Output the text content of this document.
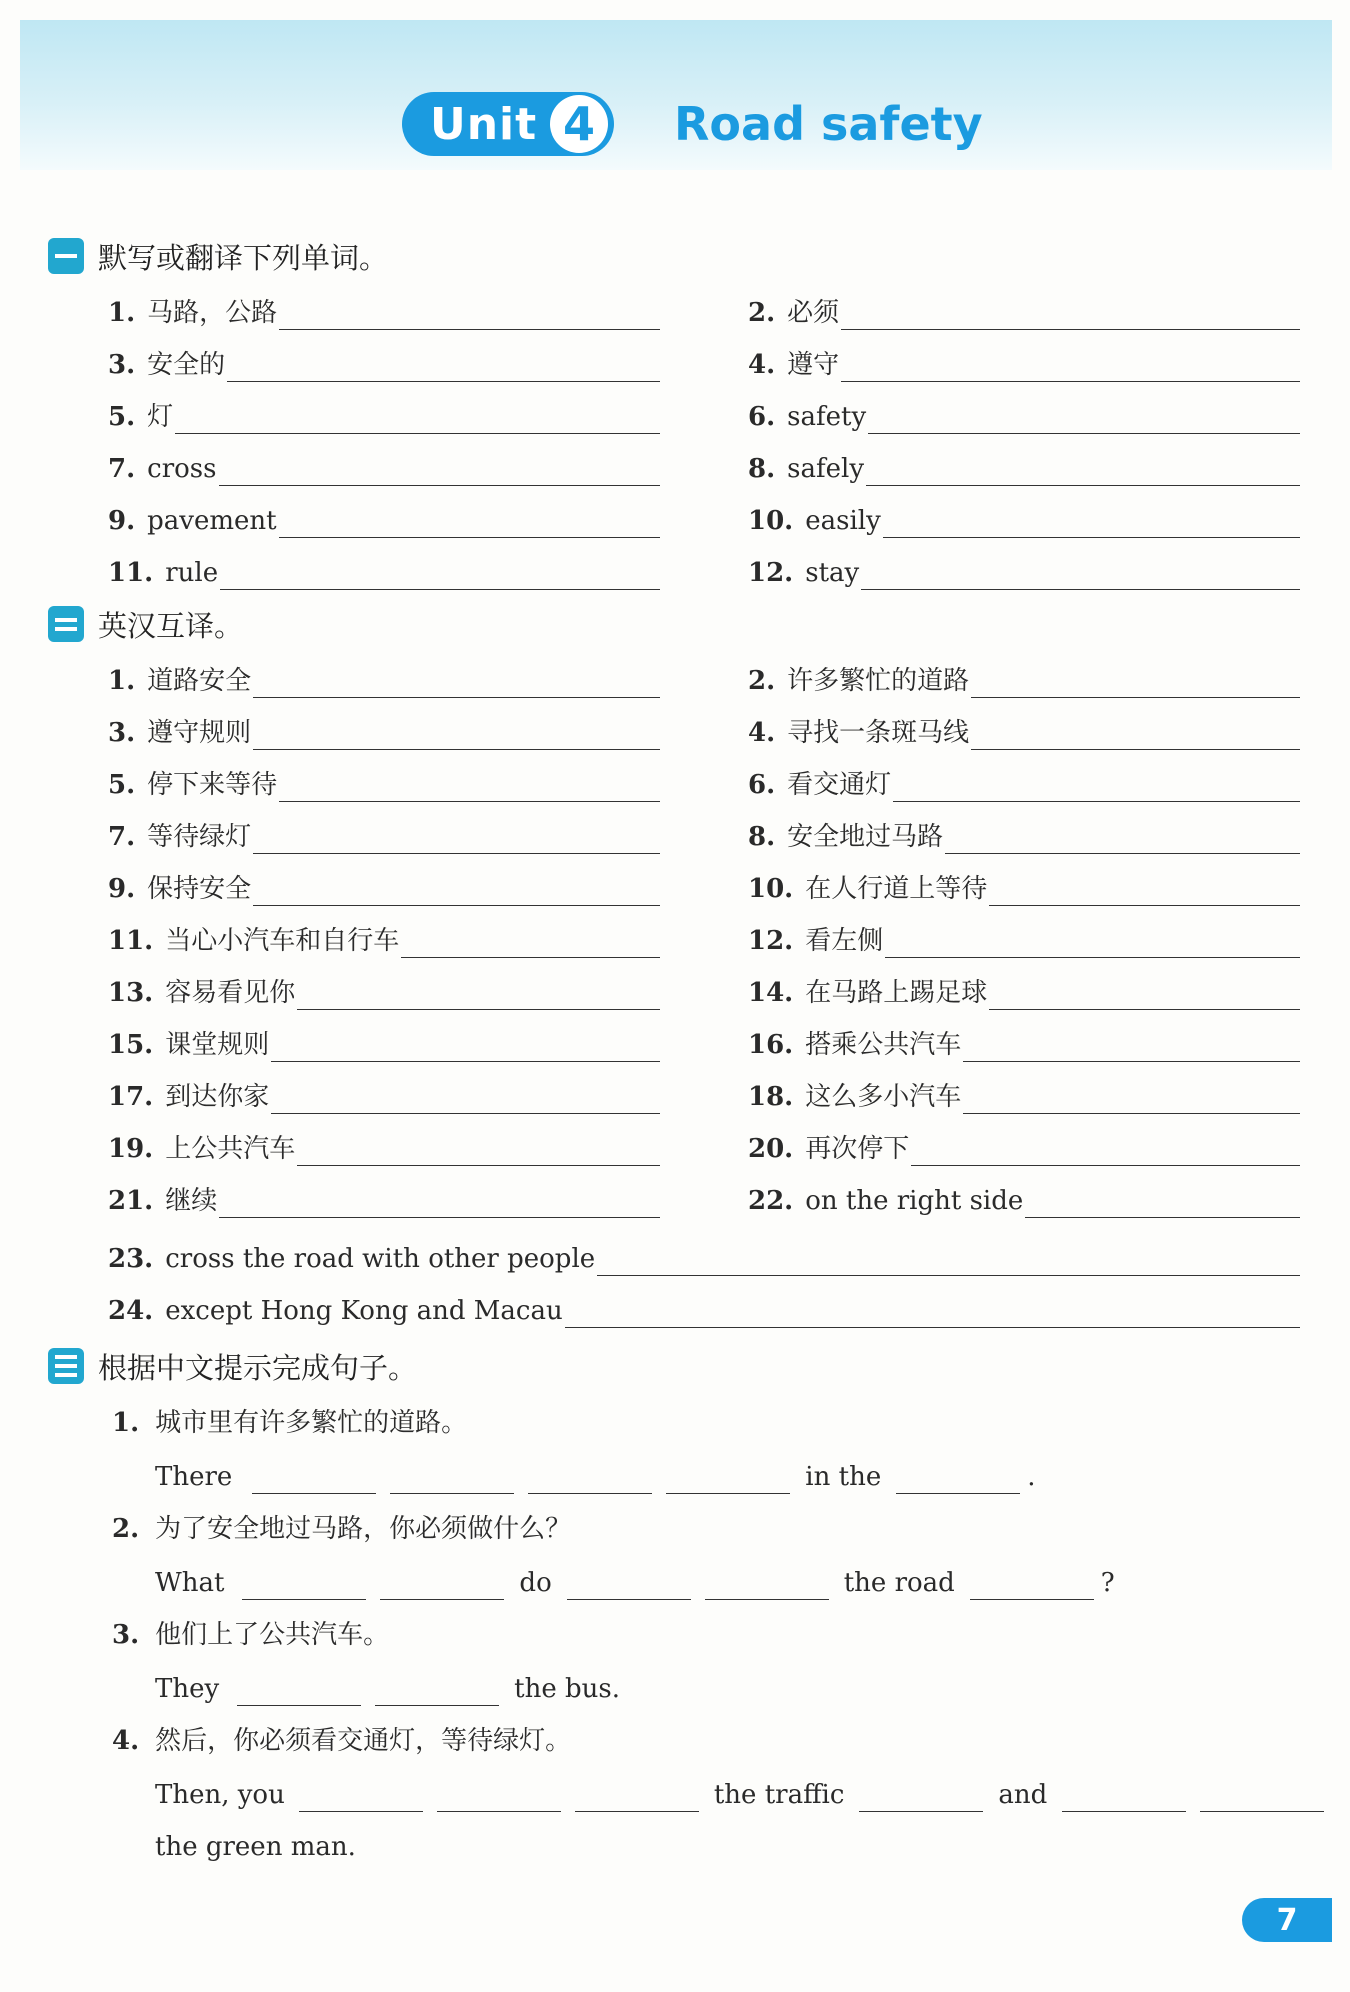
Unit 4 Road safety
默写或翻译下列单词。
1. 马路，公路	2. 必须
3. 安全的	4. 遵守
5. 灯	6. safety
7. cross	8. safely
9. pavement	10. easily
11. rule	12. stay
英汉互译。
1. 道路安全	2. 许多繁忙的道路
3. 遵守规则	4. 寻找一条斑马线
5. 停下来等待	6. 看交通灯
7. 等待绿灯	8. 安全地过马路
9. 保持安全	10. 在人行道上等待
11. 当心小汽车和自行车	12. 看左侧
13. 容易看见你	14. 在马路上踢足球
15. 课堂规则	16. 搭乘公共汽车
17. 到达你家	18. 这么多小汽车
19. 上公共汽车	20. 再次停下
21. 继续	22. on the right side
23. cross the road with other people
24. except Hong Kong and Macau
根据中文提示完成句子。
1. 城市里有许多繁忙的道路。
There	in the	.
2. 为了安全地过马路，你必须做什么？
What	do	the road	?
3. 他们上了公共汽车。
They	the bus.
4. 然后，你必须看交通灯，等待绿灯。
Then, you	the traffic	and
the green man.
7
